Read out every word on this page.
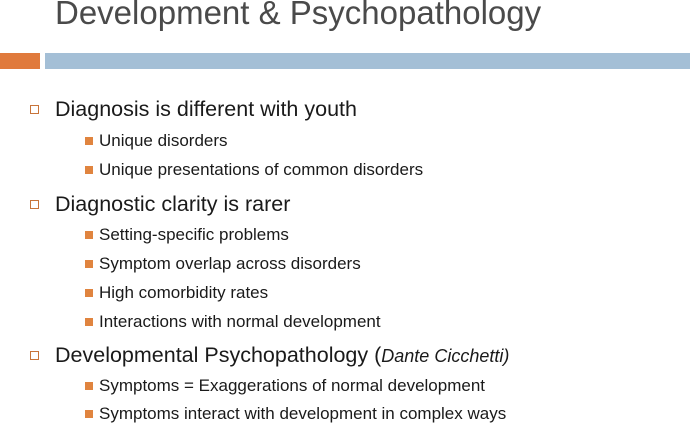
Development & Psychopathology
Diagnosis is different with youth
Unique disorders
Unique presentations of common disorders
Diagnostic clarity is rarer
Setting-specific problems
Symptom overlap across disorders
High comorbidity rates
Interactions with normal development
Developmental Psychopathology (Dante Cicchetti)
Symptoms = Exaggerations of normal development
Symptoms interact with development in complex ways
